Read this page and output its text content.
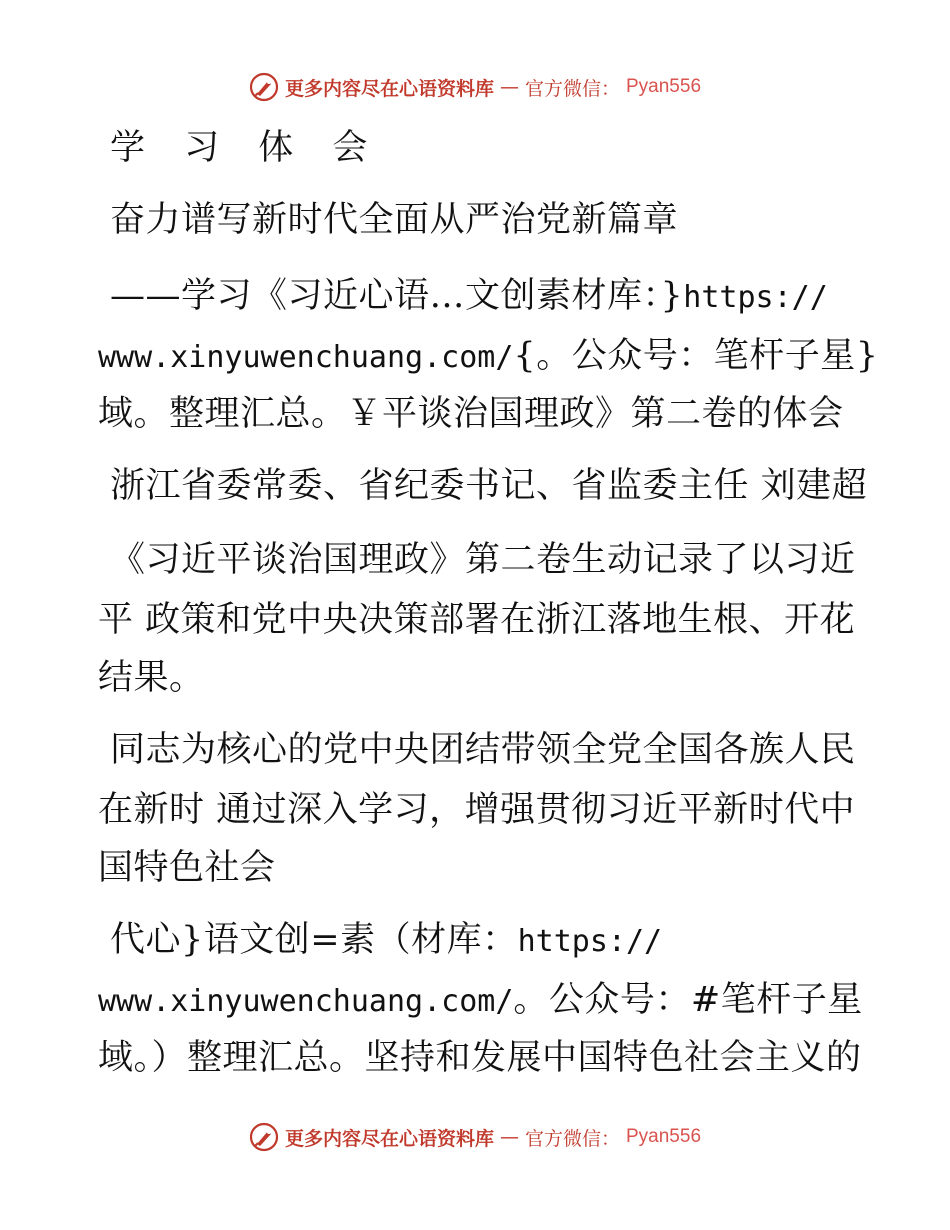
更多内容尽在心语资料库 — 官方微信： Pyan556
学 习 体 会
奋力谱写新时代全面从严治党新篇章
——学习《习近心语…文创素材库：}https://
www.xinyuwenchuang.com/{。公众号：笔杆子星}
域。整理汇总。￥平谈治国理政》第二卷的体会
浙江省委常委、省纪委书记、省监委主任 刘建超
《习近平谈治国理政》第二卷生动记录了以习近
平 政策和党中央决策部署在浙江落地生根、开花
结果。
同志为核心的党中央团结带领全党全国各族人民
在新时 通过深入学习，增强贯彻习近平新时代中
国特色社会
代心}语文创=素（材库：https://
www.xinyuwenchuang.com/。公众号：#笔杆子星
域。）整理汇总。坚持和发展中国特色社会主义的
更多内容尽在心语资料库 — 官方微信： Pyan556
